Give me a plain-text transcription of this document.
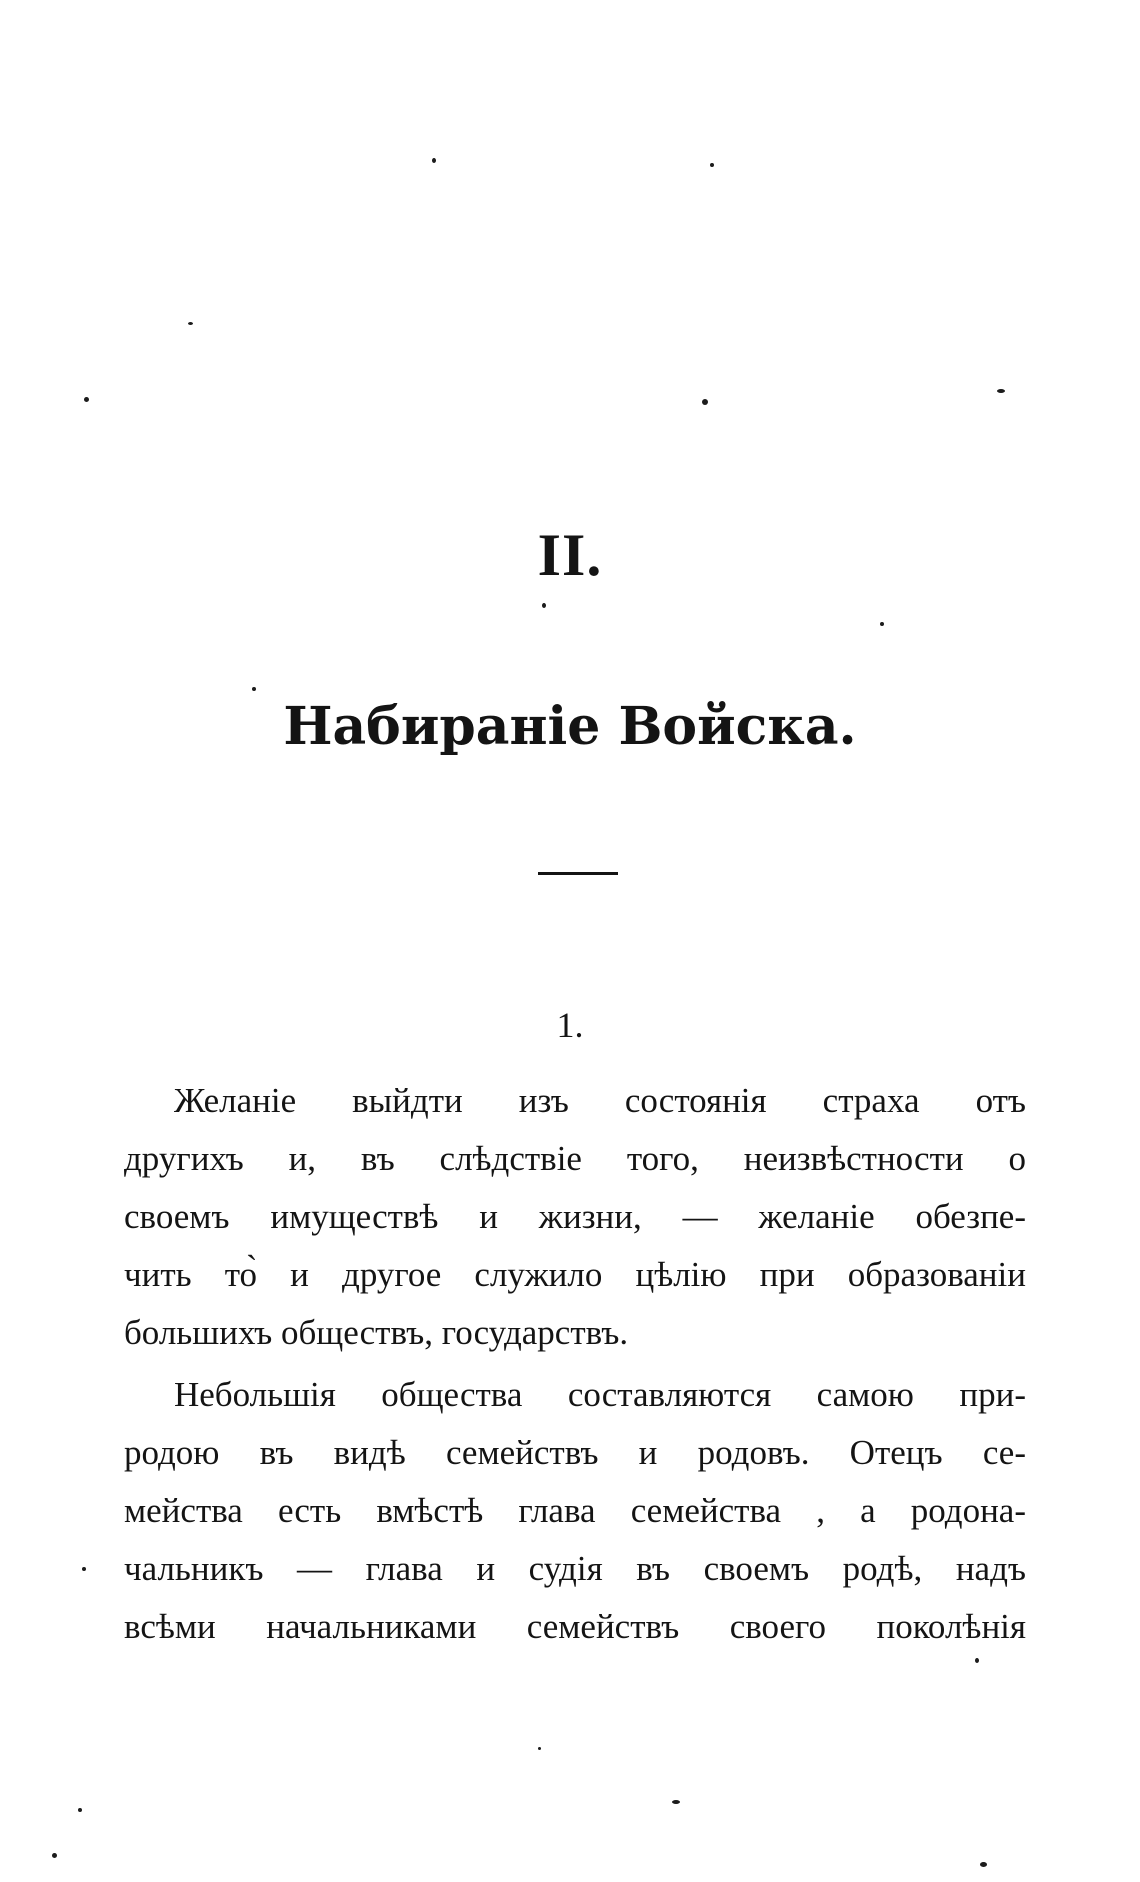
II.
Набиранiе Войска.
1.
Желанiе выйдти изъ состоянiя страха отъ
другихъ и, въ слѣдствiе того, неизвѣстности о
своемъ имуществѣ и жизни, — желанiе обезпе-
чить то̀ и другое служило цѣлiю при образованiи
большихъ обществъ, государствъ.
Небольшiя общества составляются самою при-
родою въ видѣ семействъ и родовъ. Отецъ се-
мейства есть вмѣстѣ глава семейства , а родона-
чальникъ — глава и судiя въ своемъ родѣ, надъ
всѣми начальниками семействъ своего поколѣнiя
